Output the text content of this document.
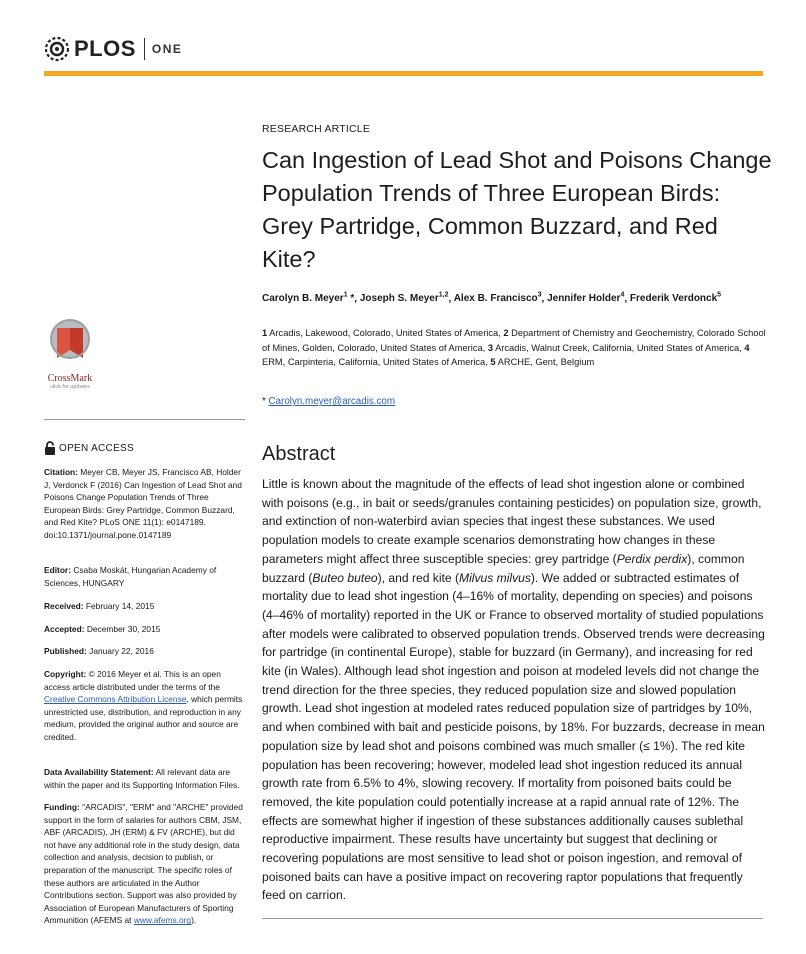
PLOS ONE
RESEARCH ARTICLE
Can Ingestion of Lead Shot and Poisons Change Population Trends of Three European Birds: Grey Partridge, Common Buzzard, and Red Kite?
Carolyn B. Meyer$^1$ *, Joseph S. Meyer$^{1,2}$, Alex B. Francisco$^3$, Jennifer Holder$^4$, Frederik Verdonck$^5$
1 Arcadis, Lakewood, Colorado, United States of America, 2 Department of Chemistry and Geochemistry, Colorado School of Mines, Golden, Colorado, United States of America, 3 Arcadis, Walnut Creek, California, United States of America, 4 ERM, Carpinteria, California, United States of America, 5 ARCHE, Gent, Belgium
* Carolyn.meyer@arcadis.com
Abstract
Little is known about the magnitude of the effects of lead shot ingestion alone or combined with poisons (e.g., in bait or seeds/granules containing pesticides) on population size, growth, and extinction of non-waterbird avian species that ingest these substances. We used population models to create example scenarios demonstrating how changes in these parameters might affect three susceptible species: grey partridge (Perdix perdix), common buzzard (Buteo buteo), and red kite (Milvus milvus). We added or subtracted estimates of mortality due to lead shot ingestion (4–16% of mortality, depending on species) and poisons (4–46% of mortality) reported in the UK or France to observed mortality of studied populations after models were calibrated to observed population trends. Observed trends were decreasing for partridge (in continental Europe), stable for buzzard (in Germany), and increasing for red kite (in Wales). Although lead shot ingestion and poison at modeled levels did not change the trend direction for the three species, they reduced population size and slowed population growth. Lead shot ingestion at modeled rates reduced population size of partridges by 10%, and when combined with bait and pesticide poisons, by 18%. For buzzards, decrease in mean population size by lead shot and poisons combined was much smaller (≤ 1%). The red kite population has been recovering; however, modeled lead shot ingestion reduced its annual growth rate from 6.5% to 4%, slowing recovery. If mortality from poisoned baits could be removed, the kite population could potentially increase at a rapid annual rate of 12%. The effects are somewhat higher if ingestion of these substances additionally causes sublethal reproductive impairment. These results have uncertainty but suggest that declining or recovering populations are most sensitive to lead shot or poison ingestion, and removal of poisoned baits can have a positive impact on recovering raptor populations that frequently feed on carrion.
CrossMark
click for updates
OPEN ACCESS
Citation: Meyer CB, Meyer JS, Francisco AB, Holder J, Verdonck F (2016) Can Ingestion of Lead Shot and Poisons Change Population Trends of Three European Birds: Grey Partridge, Common Buzzard, and Red Kite? PLoS ONE 11(1): e0147189. doi:10.1371/journal.pone.0147189
Editor: Csaba Moskát, Hungarian Academy of Sciences, HUNGARY
Received: February 14, 2015
Accepted: December 30, 2015
Published: January 22, 2016
Copyright: © 2016 Meyer et al. This is an open access article distributed under the terms of the Creative Commons Attribution License, which permits unrestricted use, distribution, and reproduction in any medium, provided the original author and source are credited.
Data Availability Statement: All relevant data are within the paper and its Supporting Information Files.
Funding: "ARCADIS", "ERM" and "ARCHE" provided support in the form of salaries for authors CBM, JSM, ABF (ARCADIS), JH (ERM) & FV (ARCHE), but did not have any additional role in the study design, data collection and analysis, decision to publish, or preparation of the manuscript. The specific roles of these authors are articulated in the Author Contributions section. Support was also provided by Association of European Manufacturers of Sporting Ammunition (AFEMS at www.afems.org).
